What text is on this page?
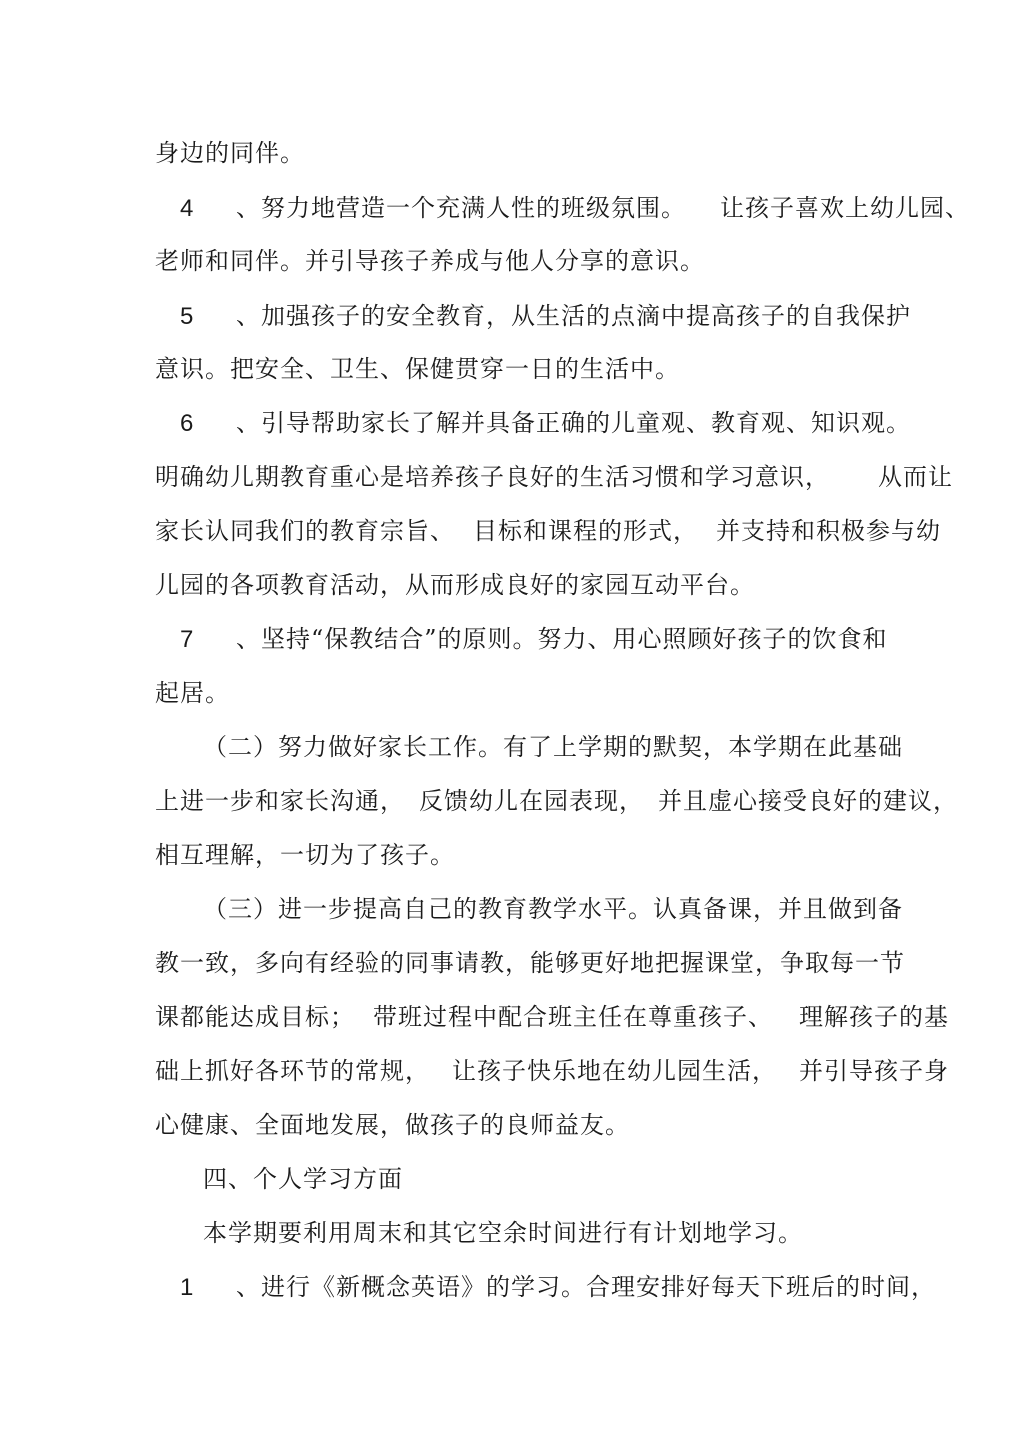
身边的同伴。
4 、努力地营造一个充满人性的班级氛围。 让孩子喜欢上幼儿园、
老师和同伴。并引导孩子养成与他人分享的意识。
5 、加强孩子的安全教育，从生活的点滴中提高孩子的自我保护
意识。把安全、卫生、保健贯穿一日的生活中。
6 、引导帮助家长了解并具备正确的儿童观、教育观、知识观。
明确幼儿期教育重心是培养孩子良好的生活习惯和学习意识， 从而让
家长认同我们的教育宗旨、 目标和课程的形式， 并支持和积极参与幼
儿园的各项教育活动，从而形成良好的家园互动平台。
7 、坚持“保教结合”的原则。努力、用心照顾好孩子的饮食和
起居。
（二）努力做好家长工作。有了上学期的默契，本学期在此基础
上进一步和家长沟通， 反馈幼儿在园表现， 并且虚心接受良好的建议，
相互理解，一切为了孩子。
（三）进一步提高自己的教育教学水平。认真备课，并且做到备
教一致，多向有经验的同事请教，能够更好地把握课堂，争取每一节
课都能达成目标； 带班过程中配合班主任在尊重孩子、 理解孩子的基
础上抓好各环节的常规， 让孩子快乐地在幼儿园生活， 并引导孩子身
心健康、全面地发展，做孩子的良师益友。
四、个人学习方面
本学期要利用周末和其它空余时间进行有计划地学习。
1 、进行《新概念英语》的学习。合理安排好每天下班后的时间，
